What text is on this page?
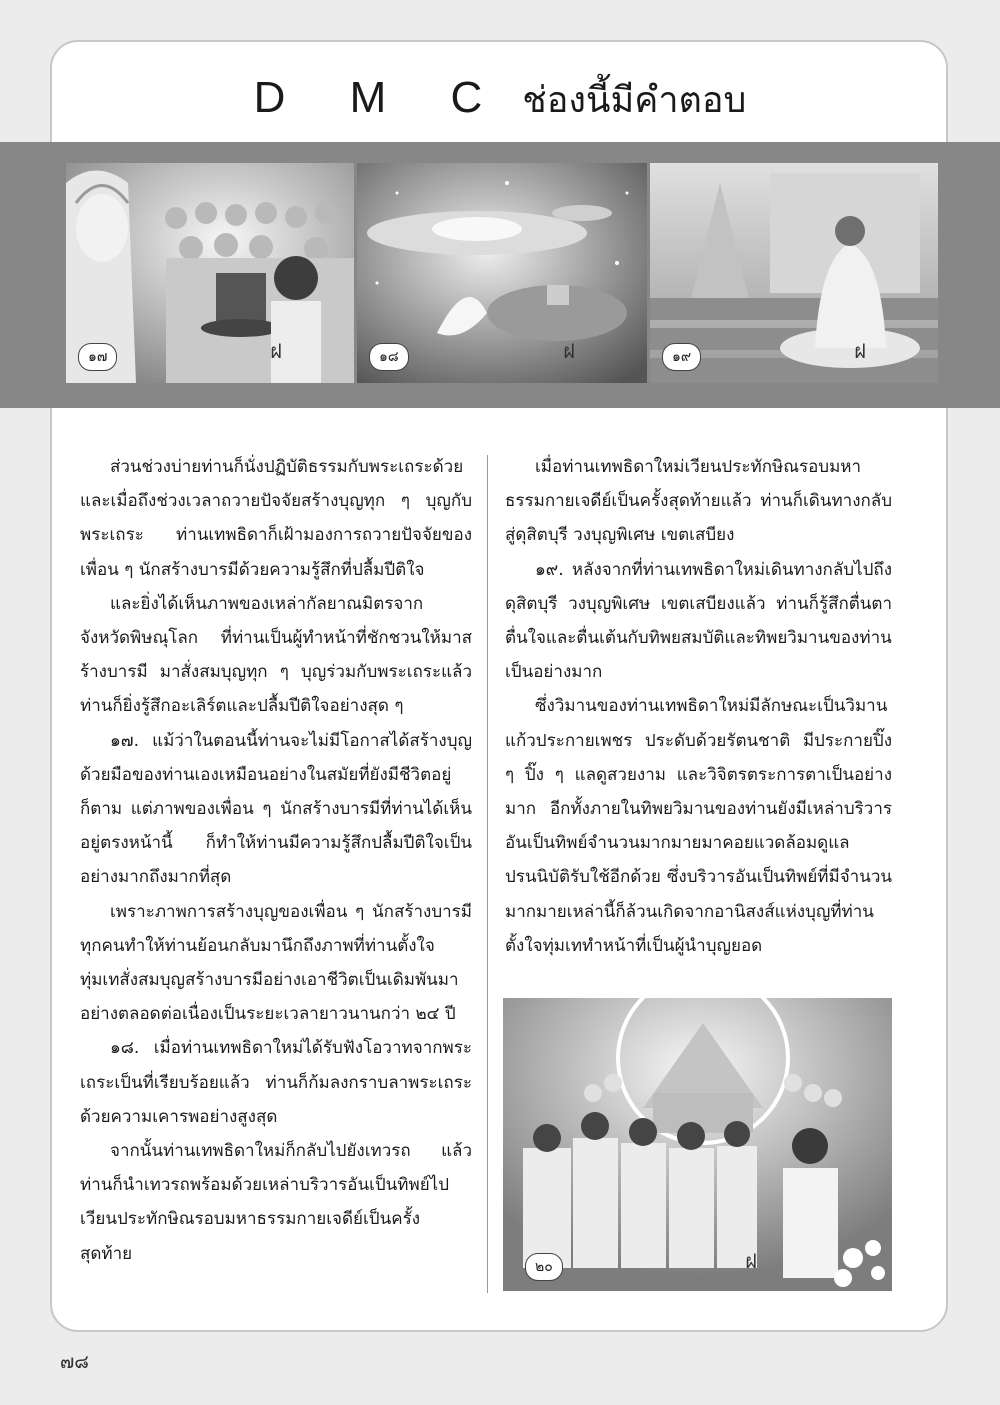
D M C ช่องนี้มีคำตอบ
๑๗	ฝ	๑๘	ฝ	๑๙	ฝ

ส่วนช่วงบ่ายท่านก็นั่งปฏิบัติธรรมกับพระเถระด้วย และเมื่อถึงช่วงเวลาถวายปัจจัยสร้างบุญทุก ๆ บุญกับพระเถระ ท่านเทพธิดาก็เฝ้ามองการถวายปัจจัยของเพื่อน ๆ นักสร้างบารมีด้วยความรู้สึกที่ปลื้มปีติใจ

และยิ่งได้เห็นภาพของเหล่ากัลยาณมิตรจากจังหวัดพิษณุโลก ที่ท่านเป็นผู้ทำหน้าที่ชักชวนให้มาสร้างบารมี มาสั่งสมบุญทุก ๆ บุญร่วมกับพระเถระแล้ว ท่านก็ยิ่งรู้สึกอะเลิร์ตและปลื้มปีติใจอย่างสุด ๆ

๑๗. แม้ว่าในตอนนี้ท่านจะไม่มีโอกาสได้สร้างบุญด้วยมือของท่านเองเหมือนอย่างในสมัยที่ยังมีชีวิตอยู่ก็ตาม แต่ภาพของเพื่อน ๆ นักสร้างบารมีที่ท่านได้เห็นอยู่ตรงหน้านี้ ก็ทำให้ท่านมีความรู้สึกปลื้มปีติใจเป็นอย่างมากถึงมากที่สุด

เพราะภาพการสร้างบุญของเพื่อน ๆ นักสร้างบารมีทุกคนทำให้ท่านย้อนกลับมานึกถึงภาพที่ท่านตั้งใจทุ่มเทสั่งสมบุญสร้างบารมีอย่างเอาชีวิตเป็นเดิมพันมาอย่างตลอดต่อเนื่องเป็นระยะเวลายาวนานกว่า ๒๔ ปี

๑๘. เมื่อท่านเทพธิดาใหม่ได้รับฟังโอวาทจากพระเถระเป็นที่เรียบร้อยแล้ว ท่านก็ก้มลงกราบลาพระเถระด้วยความเคารพอย่างสูงสุด

จากนั้นท่านเทพธิดาใหม่ก็กลับไปยังเทวรถ แล้วท่านก็นำเทวรถพร้อมด้วยเหล่าบริวารอันเป็นทิพย์ไปเวียนประทักษิณรอบมหาธรรมกายเจดีย์เป็นครั้งสุดท้าย

เมื่อท่านเทพธิดาใหม่เวียนประทักษิณรอบมหาธรรมกายเจดีย์เป็นครั้งสุดท้ายแล้ว ท่านก็เดินทางกลับสู่ดุสิตบุรี วงบุญพิเศษ เขตเสบียง

๑๙. หลังจากที่ท่านเทพธิดาใหม่เดินทางกลับไปถึงดุสิตบุรี วงบุญพิเศษ เขตเสบียงแล้ว ท่านก็รู้สึกตื่นตาตื่นใจและตื่นเต้นกับทิพยสมบัติและทิพยวิมานของท่านเป็นอย่างมาก

ซึ่งวิมานของท่านเทพธิดาใหม่มีลักษณะเป็นวิมานแก้วประกายเพชร ประดับด้วยรัตนชาติ มีประกายปิ๊ง ๆ ปิ๊ง ๆ แลดูสวยงาม และวิจิตรตระการตาเป็นอย่างมาก อีกทั้งภายในทิพยวิมานของท่านยังมีเหล่าบริวารอันเป็นทิพย์จำนวนมากมายมาคอยแวดล้อมดูแลปรนนิบัติรับใช้อีกด้วย ซึ่งบริวารอันเป็นทิพย์ที่มีจำนวนมากมายเหล่านี้ก็ล้วนเกิดจากอานิสงส์แห่งบุญที่ท่านตั้งใจทุ่มเททำหน้าที่เป็นผู้นำบุญยอด

๒๐	ฝ
๗๘
